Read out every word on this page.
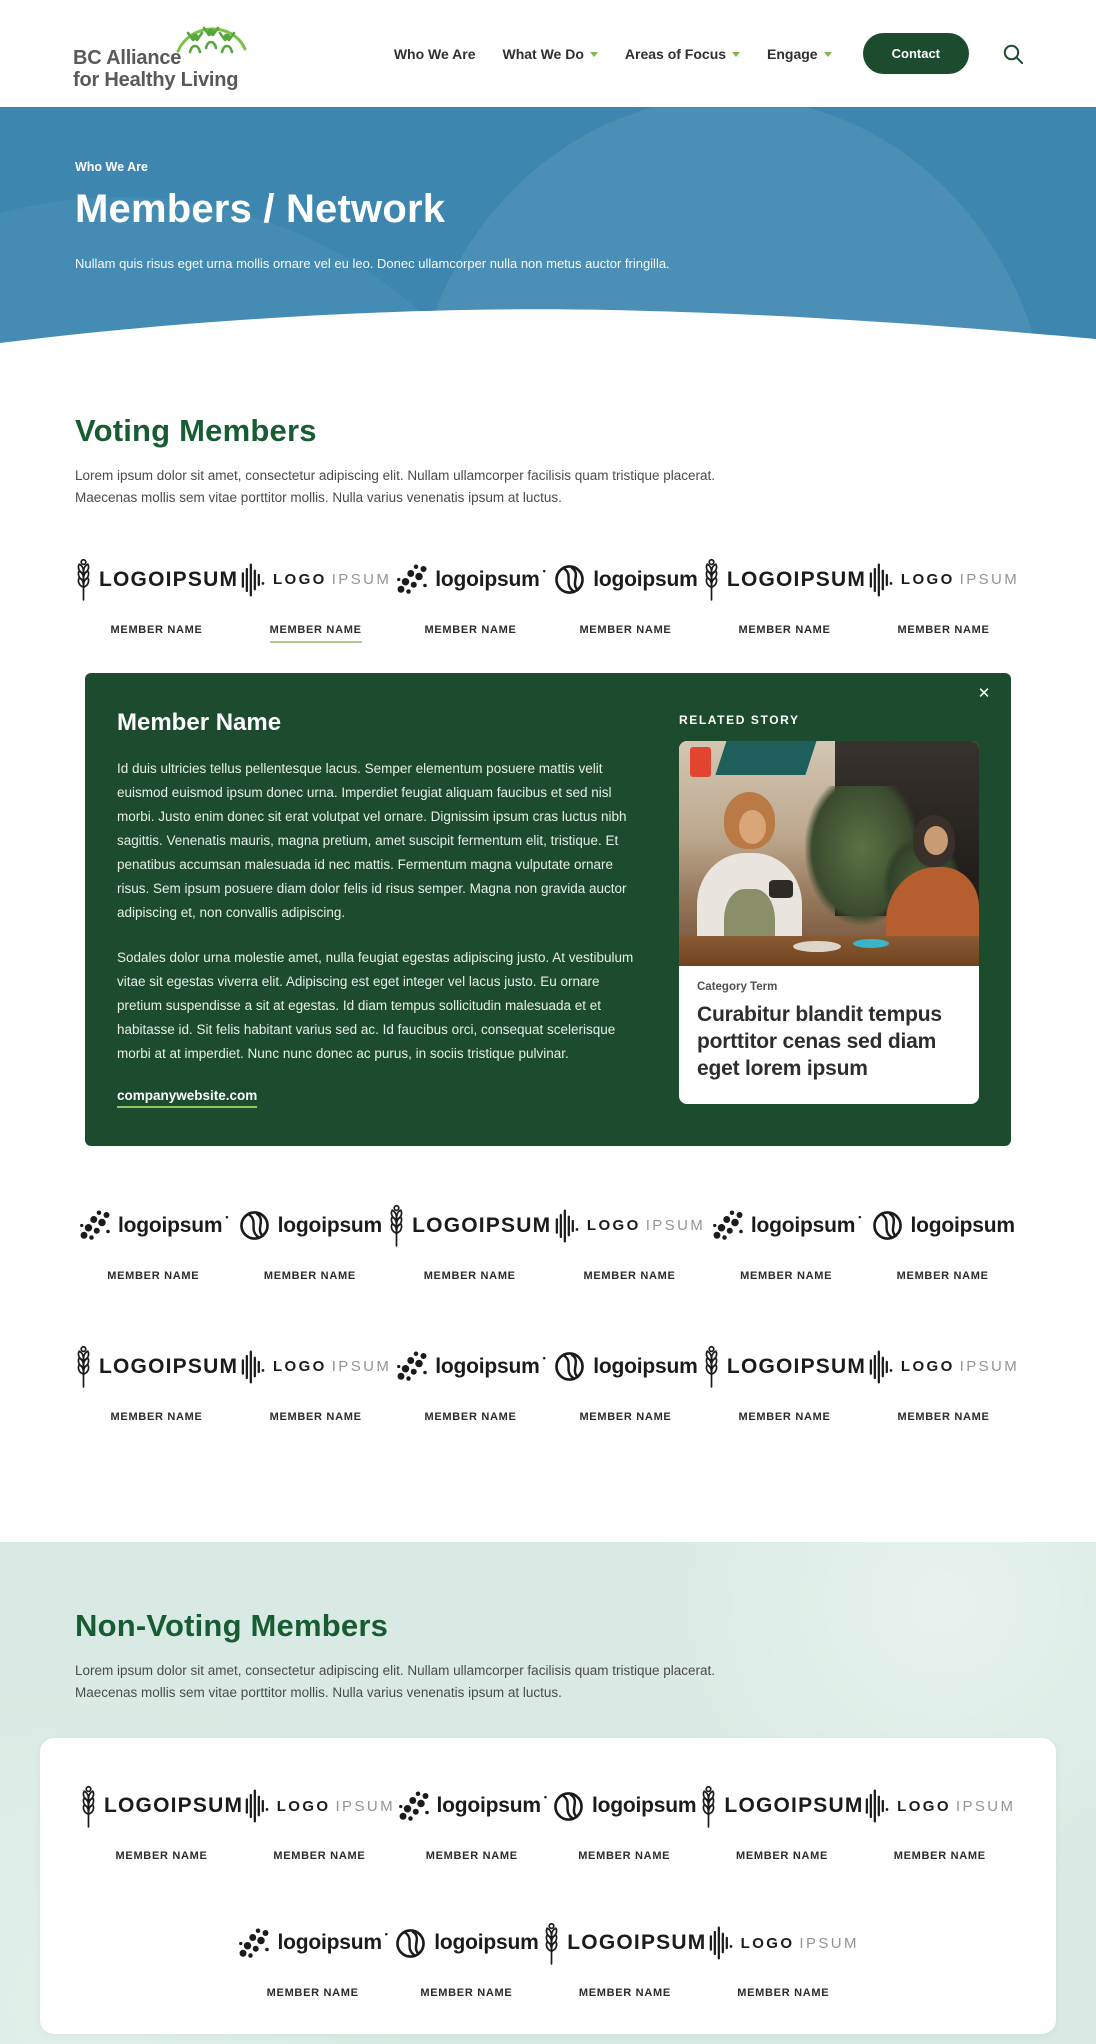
BC Alliance
for Healthy Living
Who We Are What We Do	Areas of Focus	Engage	Contact
Who We Are
Members / Network

Nullam quis risus eget urna mollis ornare vel eu leo. Donec ullamcorper nulla non metus auctor fringilla.

Voting Members

Lorem ipsum dolor sit amet, consectetur adipiscing elit. Nullam ullamcorper facilisis quam tristique placerat.
Maecenas mollis sem vitae porttitor mollis. Nulla varius venenatis ipsum at luctus.

LOGOIPSUM
MEMBER NAME
LOGO IPSUM
MEMBER NAME
logoipsum •
MEMBER NAME
logoipsum
MEMBER NAME
LOGOIPSUM
MEMBER NAME
LOGO IPSUM
MEMBER NAME
✕
Member Name

Id duis ultricies tellus pellentesque lacus. Semper elementum posuere mattis velit euismod euismod ipsum donec urna. Imperdiet feugiat aliquam faucibus et sed nisl morbi. Justo enim donec sit erat volutpat vel ornare. Dignissim ipsum cras luctus nibh sagittis. Venenatis mauris, magna pretium, amet suscipit fermentum elit, tristique. Et penatibus accumsan malesuada id nec mattis. Fermentum magna vulputate ornare risus. Sem ipsum posuere diam dolor felis id risus semper. Magna non gravida auctor adipiscing et, non convallis adipiscing.

Sodales dolor urna molestie amet, nulla feugiat egestas adipiscing justo. At vestibulum vitae sit egestas viverra elit. Adipiscing est eget integer vel lacus justo. Eu ornare pretium suspendisse a sit at egestas. Id diam tempus sollicitudin malesuada et et habitasse id. Sit felis habitant varius sed ac. Id faucibus orci, consequat scelerisque morbi at at imperdiet. Nunc nunc donec ac purus, in sociis tristique pulvinar.

companywebsite.com
RELATED STORY
Category Term
Curabitur blandit tempus porttitor cenas sed diam eget lorem ipsum
logoipsum •
MEMBER NAME
logoipsum
MEMBER NAME
LOGOIPSUM
MEMBER NAME
LOGO IPSUM
MEMBER NAME
logoipsum •
MEMBER NAME
logoipsum
MEMBER NAME
LOGOIPSUM
MEMBER NAME
LOGO IPSUM
MEMBER NAME
logoipsum •
MEMBER NAME
logoipsum
MEMBER NAME
LOGOIPSUM
MEMBER NAME
LOGO IPSUM
MEMBER NAME
Non-Voting Members

Lorem ipsum dolor sit amet, consectetur adipiscing elit. Nullam ullamcorper facilisis quam tristique placerat.
Maecenas mollis sem vitae porttitor mollis. Nulla varius venenatis ipsum at luctus.

LOGOIPSUM
MEMBER NAME
LOGO IPSUM
MEMBER NAME
logoipsum •
MEMBER NAME
logoipsum
MEMBER NAME
LOGOIPSUM
MEMBER NAME
LOGO IPSUM
MEMBER NAME
logoipsum •
MEMBER NAME
logoipsum
MEMBER NAME
LOGOIPSUM
MEMBER NAME
LOGO IPSUM
MEMBER NAME
